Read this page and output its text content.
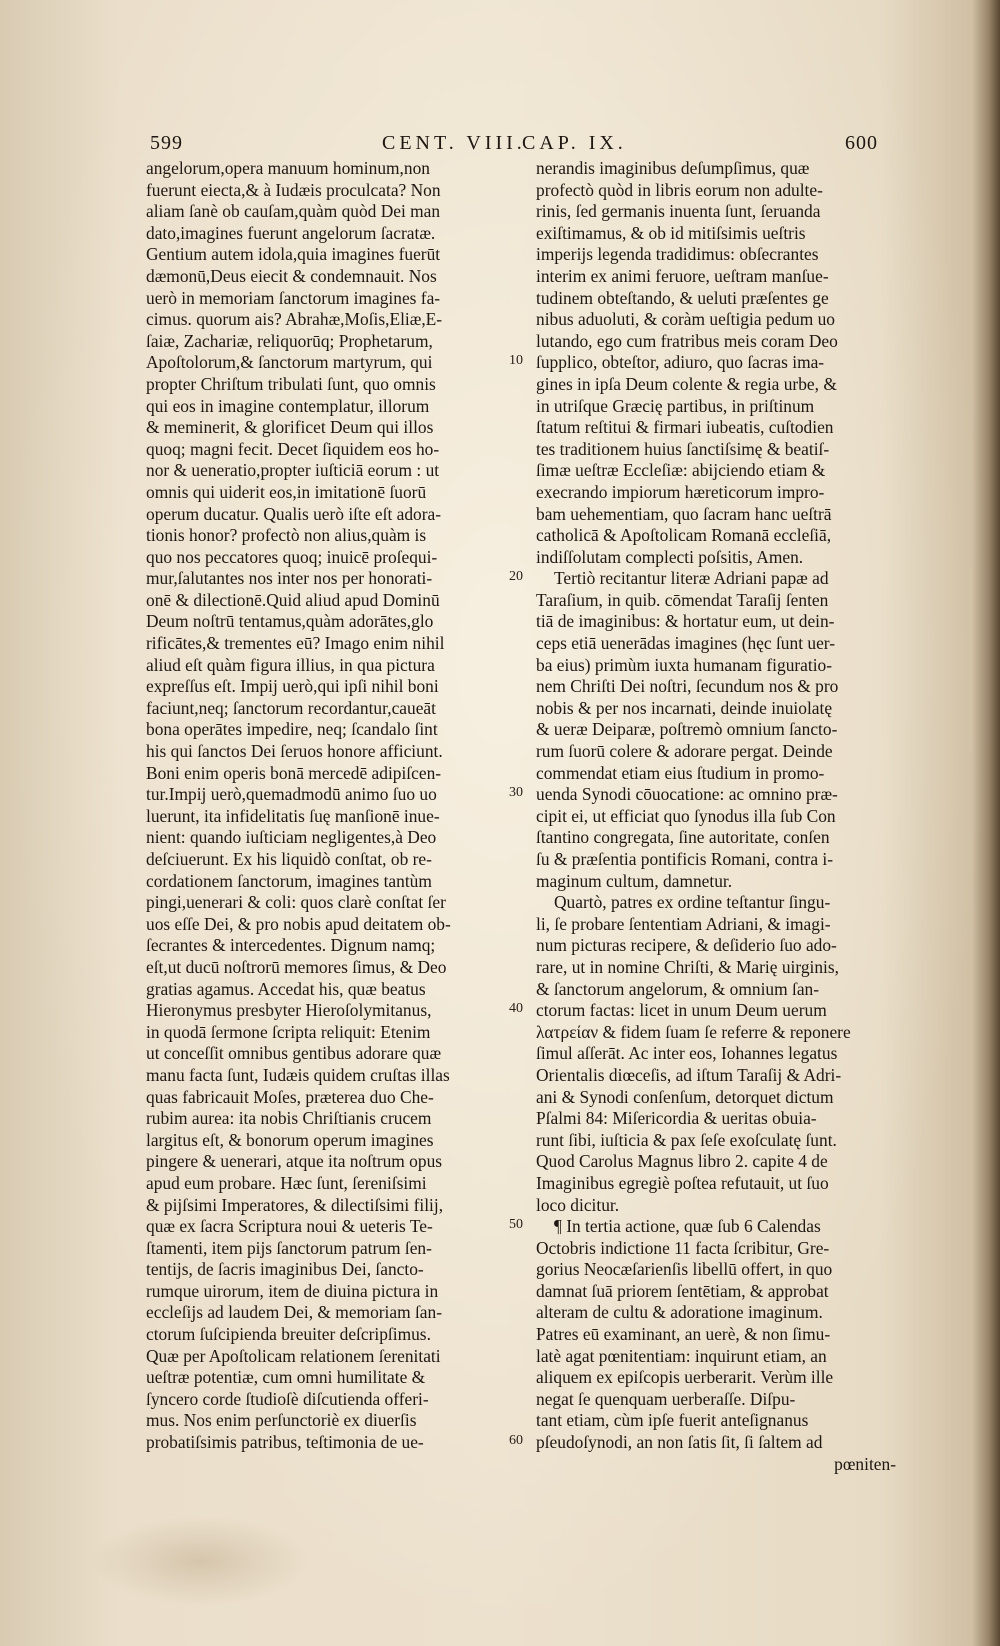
599	CENT. VIII.
CAP. IX.	600
angelorum,opera manuum hominum,non
fuerunt eiecta,& à Iudæis proculcata? Non
aliam ſanè ob cauſam,quàm quòd Dei man
dato,imagines fuerunt angelorum ſacratæ.
Gentium autem idola,quia imagines fuerūt
dæmonū,Deus eiecit & condemnauit. Nos
uerò in memoriam ſanctorum imagines fa-
cimus. quorum ais? Abrahæ,Moſis,Eliæ,E-
ſaiæ, Zachariæ, reliquorūq; Prophetarum,
Apoſtolorum,& ſanctorum martyrum, qui
propter Chriſtum tribulati ſunt, quo omnis
qui eos in imagine contemplatur, illorum
& meminerit, & glorificet Deum qui illos
quoq; magni fecit. Decet ſiquidem eos ho-
nor & ueneratio,propter iuſticiā eorum : ut
omnis qui uiderit eos,in imitationē ſuorū
operum ducatur. Qualis uerò iſte eſt adora-
tionis honor? profectò non alius,quàm is
quo nos peccatores quoq; inuicē proſequi-
mur,ſalutantes nos inter nos per honorati-
onē & dilectionē.Quid aliud apud Dominū
Deum noſtrū tentamus,quàm adorātes,glo
rificātes,& trementes eū? Imago enim nihil
aliud eſt quàm figura illius, in qua pictura
expreſſus eſt. Impij uerò,qui ipſi nihil boni
faciunt,neq; ſanctorum recordantur,caueāt
bona operātes impedire, neq; ſcandalo ſint
his qui ſanctos Dei ſeruos honore afficiunt.
Boni enim operis bonā mercedē adipiſcen-
tur.Impij uerò,quemadmodū animo ſuo uo
luerunt, ita infidelitatis ſuę manſionē inue-
nient: quando iuſticiam negligentes,à Deo
deſciuerunt. Ex his liquidò conſtat, ob re-
cordationem ſanctorum, imagines tantùm
pingi,uenerari & coli: quos clarè conſtat ſer
uos eſſe Dei, & pro nobis apud deitatem ob-
ſecrantes & intercedentes. Dignum namq;
eſt,ut ducū noſtrorū memores ſimus, & Deo
gratias agamus. Accedat his, quæ beatus
Hieronymus presbyter Hieroſolymitanus,
in quodā ſermone ſcripta reliquit: Etenim
ut conceſſit omnibus gentibus adorare quæ
manu facta ſunt, Iudæis quidem cruſtas illas
quas fabricauit Moſes, præterea duo Che-
rubim aurea: ita nobis Chriſtianis crucem
largitus eſt, & bonorum operum imagines
pingere & uenerari, atque ita noſtrum opus
apud eum probare. Hæc ſunt, ſereniſsimi
& pijſsimi Imperatores, & dilectiſsimi filij,
quæ ex ſacra Scriptura noui & ueteris Te-
ſtamenti, item pijs ſanctorum patrum ſen-
tentijs, de ſacris imaginibus Dei, ſancto-
rumque uirorum, item de diuina pictura in
eccleſijs ad laudem Dei, & memoriam ſan-
ctorum ſuſcipienda breuiter deſcripſimus.
Quæ per Apoſtolicam relationem ſerenitati
ueſtræ potentiæ, cum omni humilitate &
ſyncero corde ſtudioſè diſcutienda offeri-
mus. Nos enim perſunctoriè ex diuerſis
probatiſsimis patribus, teſtimonia de ue-
nerandis imaginibus deſumpſimus, quæ
profectò quòd in libris eorum non adulte-
rinis, ſed germanis inuenta ſunt, ſeruanda
exiſtimamus, & ob id mitiſsimis ueſtris
imperijs legenda tradidimus: obſecrantes
interim ex animi feruore, ueſtram manſue-
tudinem obteſtando, & ueluti præſentes ge
nibus aduoluti, & coràm ueſtigia pedum uo
lutando, ego cum fratribus meis coram Deo
ſupplico, obteſtor, adiuro, quo ſacras ima-
gines in ipſa Deum colente & regia urbe, &
in utriſque Græcię partibus, in priſtinum
ſtatum reſtitui & firmari iubeatis, cuſtodien
tes traditionem huius ſanctiſsimę & beatiſ-
ſimæ ueſtræ Eccleſiæ: abijciendo etiam &
execrando impiorum hæreticorum impro-
bam uehementiam, quo ſacram hanc ueſtrā
catholicā & Apoſtolicam Romanā eccleſiā,
indiſſolutam complecti poſsitis, Amen.
Tertiò recitantur literæ Adriani papæ ad
Taraſium, in quib. cōmendat Taraſij ſenten
tiā de imaginibus: & hortatur eum, ut dein-
ceps etiā uenerādas imagines (hęc ſunt uer-
ba eius) primùm iuxta humanam figuratio-
nem Chriſti Dei noſtri, ſecundum nos & pro
nobis & per nos incarnati, deinde inuiolatę
& ueræ Deiparæ, poſtremò omnium ſancto-
rum ſuorū colere & adorare pergat. Deinde
commendat etiam eius ſtudium in promo-
uenda Synodi cōuocatione: ac omnino præ-
cipit ei, ut efficiat quo ſynodus illa ſub Con
ſtantino congregata, ſine autoritate, conſen
ſu & præſentia pontificis Romani, contra i-
maginum cultum, damnetur.
Quartò, patres ex ordine teſtantur ſingu-
li, ſe probare ſententiam Adriani, & imagi-
num picturas recipere, & deſiderio ſuo ado-
rare, ut in nomine Chriſti, & Marię uirginis,
& ſanctorum angelorum, & omnium ſan-
ctorum factas: licet in unum Deum uerum
λατρείαν & fidem ſuam ſe referre & reponere
ſimul aſſerāt. Ac inter eos, Iohannes legatus
Orientalis diœceſis, ad iſtum Taraſij & Adri-
ani & Synodi conſenſum, detorquet dictum
Pſalmi 84: Miſericordia & ueritas obuia-
runt ſibi, iuſticia & pax ſeſe exoſculatę ſunt.
Quod Carolus Magnus libro 2. capite 4 de
Imaginibus egregiè poſtea refutauit, ut ſuo
loco dicitur.
¶ In tertia actione, quæ ſub 6 Calendas
Octobris indictione 11 facta ſcribitur, Gre-
gorius Neocæſarienſis libellū offert, in quo
damnat ſuā priorem ſentētiam, & approbat
alteram de cultu & adoratione imaginum.
Patres eū examinant, an uerè, & non ſimu-
latè agat pœnitentiam: inquirunt etiam, an
aliquem ex epiſcopis uerberarit. Verùm ille
negat ſe quenquam uerberaſſe. Diſpu-
tant etiam, cùm ipſe fuerit anteſignanus
pſeudoſynodi, an non ſatis ſit, ſi ſaltem ad
pœniten-
10
20
30
40
50
60
